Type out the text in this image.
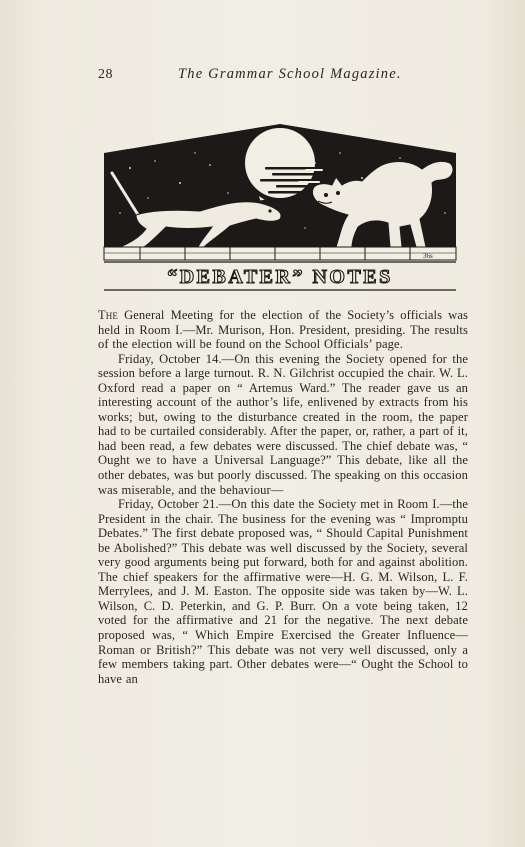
28	The Grammar School Magazine.
36s
“DEBATER” NOTES

The General Meeting for the election of the Society’s officials was held in Room I.—Mr. Murison, Hon. President, presiding. The results of the election will be found on the School Officials’ page.

Friday, October 14.—On this evening the Society opened for the session before a large turnout. R. N. Gilchrist occupied the chair. W. L. Oxford read a paper on “ Artemus Ward.” The reader gave us an interesting account of the author’s life, enlivened by extracts from his works; but, owing to the disturbance created in the room, the paper had to be curtailed considerably. After the paper, or, rather, a part of it, had been read, a few debates were discussed. The chief debate was, “ Ought we to have a Universal Language?” This debate, like all the other debates, was but poorly discussed. The speaking on this occasion was miserable, and the behaviour—

Friday, October 21.—On this date the Society met in Room I.—the President in the chair. The business for the evening was “ Impromptu Debates.” The first debate proposed was, “ Should Capital Punishment be Abolished?” This debate was well discussed by the Society, several very good arguments being put forward, both for and against abolition. The chief speakers for the affirmative were—H. G. M. Wilson, L. F. Merrylees, and J. M. Easton. The opposite side was taken by—W. L. Wilson, C. D. Peterkin, and G. P. Burr. On a vote being taken, 12 voted for the affirmative and 21 for the negative. The next debate proposed was, “ Which Empire Exercised the Greater Influence—Roman or British?” This debate was not very well discussed, only a few members taking part. Other debates were—“ Ought the School to have an
